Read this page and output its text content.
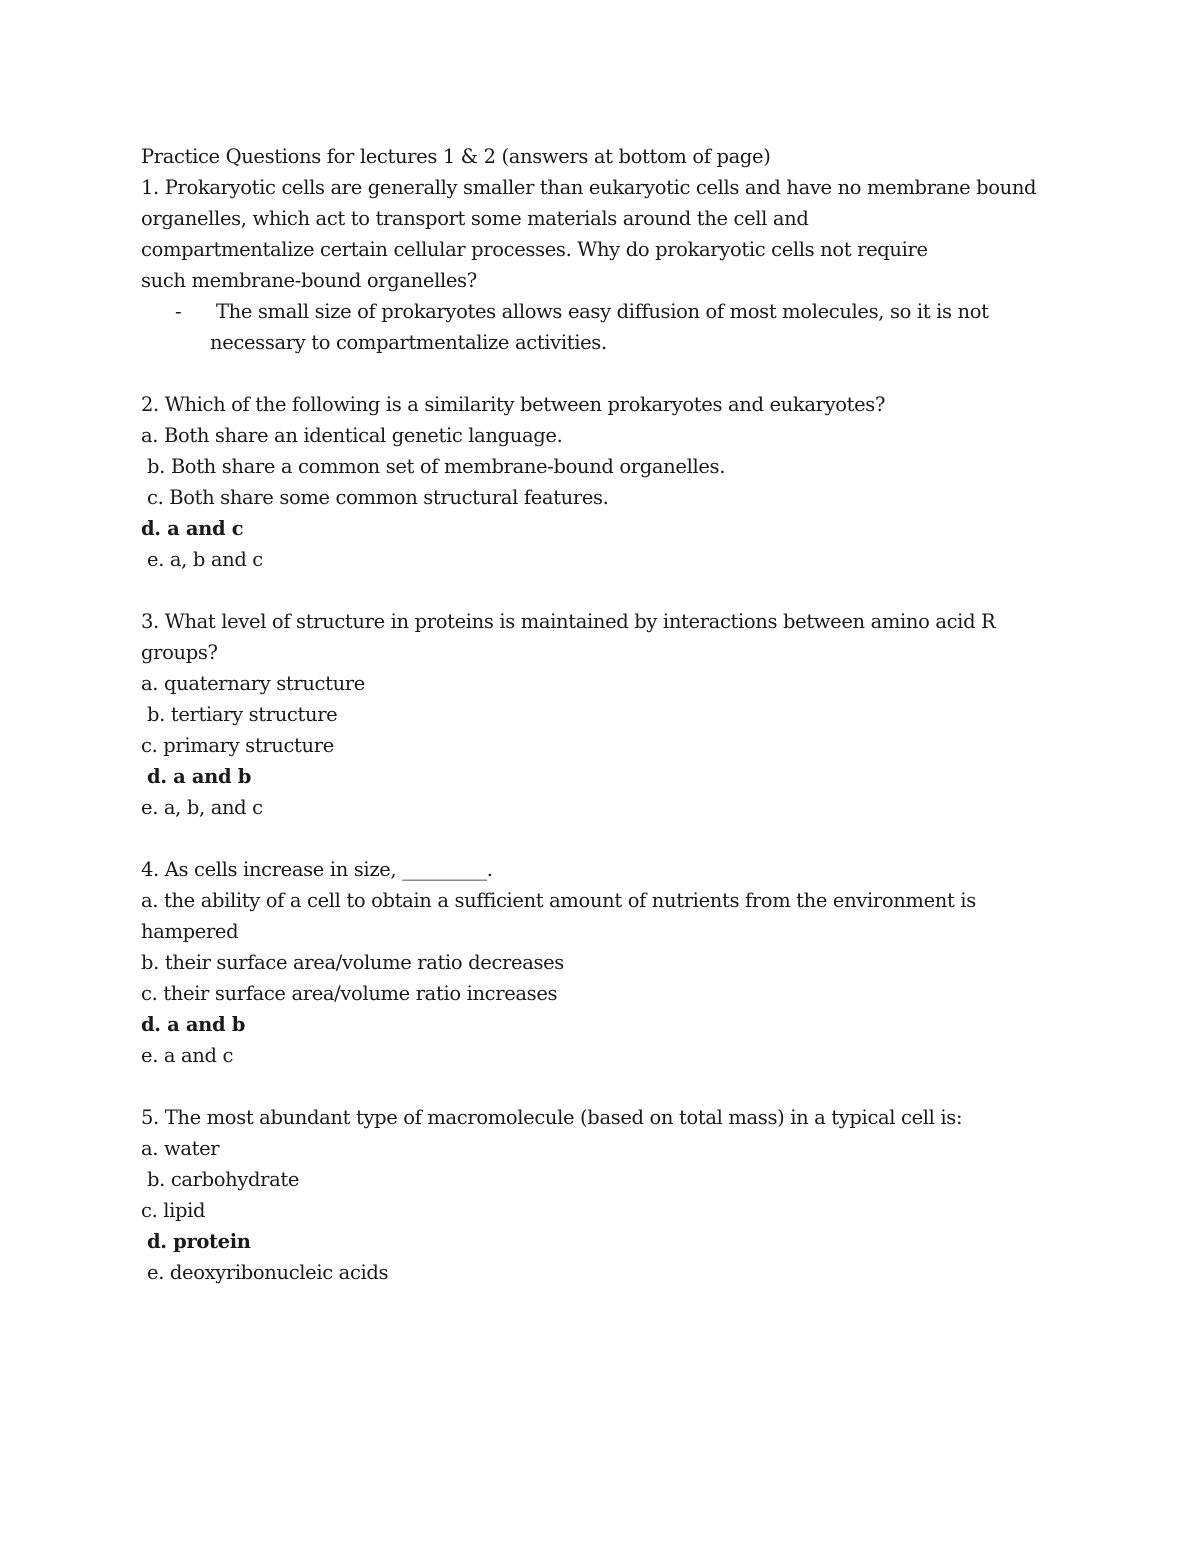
Practice Questions for lectures 1 & 2 (answers at bottom of page)
1. Prokaryotic cells are generally smaller than eukaryotic cells and have no membrane bound
organelles, which act to transport some materials around the cell and
compartmentalize certain cellular processes. Why do prokaryotic cells not require
such membrane-bound organelles?
- The small size of prokaryotes allows easy diffusion of most molecules, so it is not
necessary to compartmentalize activities.
2. Which of the following is a similarity between prokaryotes and eukaryotes?
a. Both share an identical genetic language.
b. Both share a common set of membrane-bound organelles.
c. Both share some common structural features.
d. a and c
e. a, b and c
3. What level of structure in proteins is maintained by interactions between amino acid R
groups?
a. quaternary structure
b. tertiary structure
c. primary structure
d. a and b
e. a, b, and c
4. As cells increase in size, _________.
a. the ability of a cell to obtain a sufficient amount of nutrients from the environment is
hampered
b. their surface area/volume ratio decreases
c. their surface area/volume ratio increases
d. a and b
e. a and c
5. The most abundant type of macromolecule (based on total mass) in a typical cell is:
a. water
b. carbohydrate
c. lipid
d. protein
e. deoxyribonucleic acids
